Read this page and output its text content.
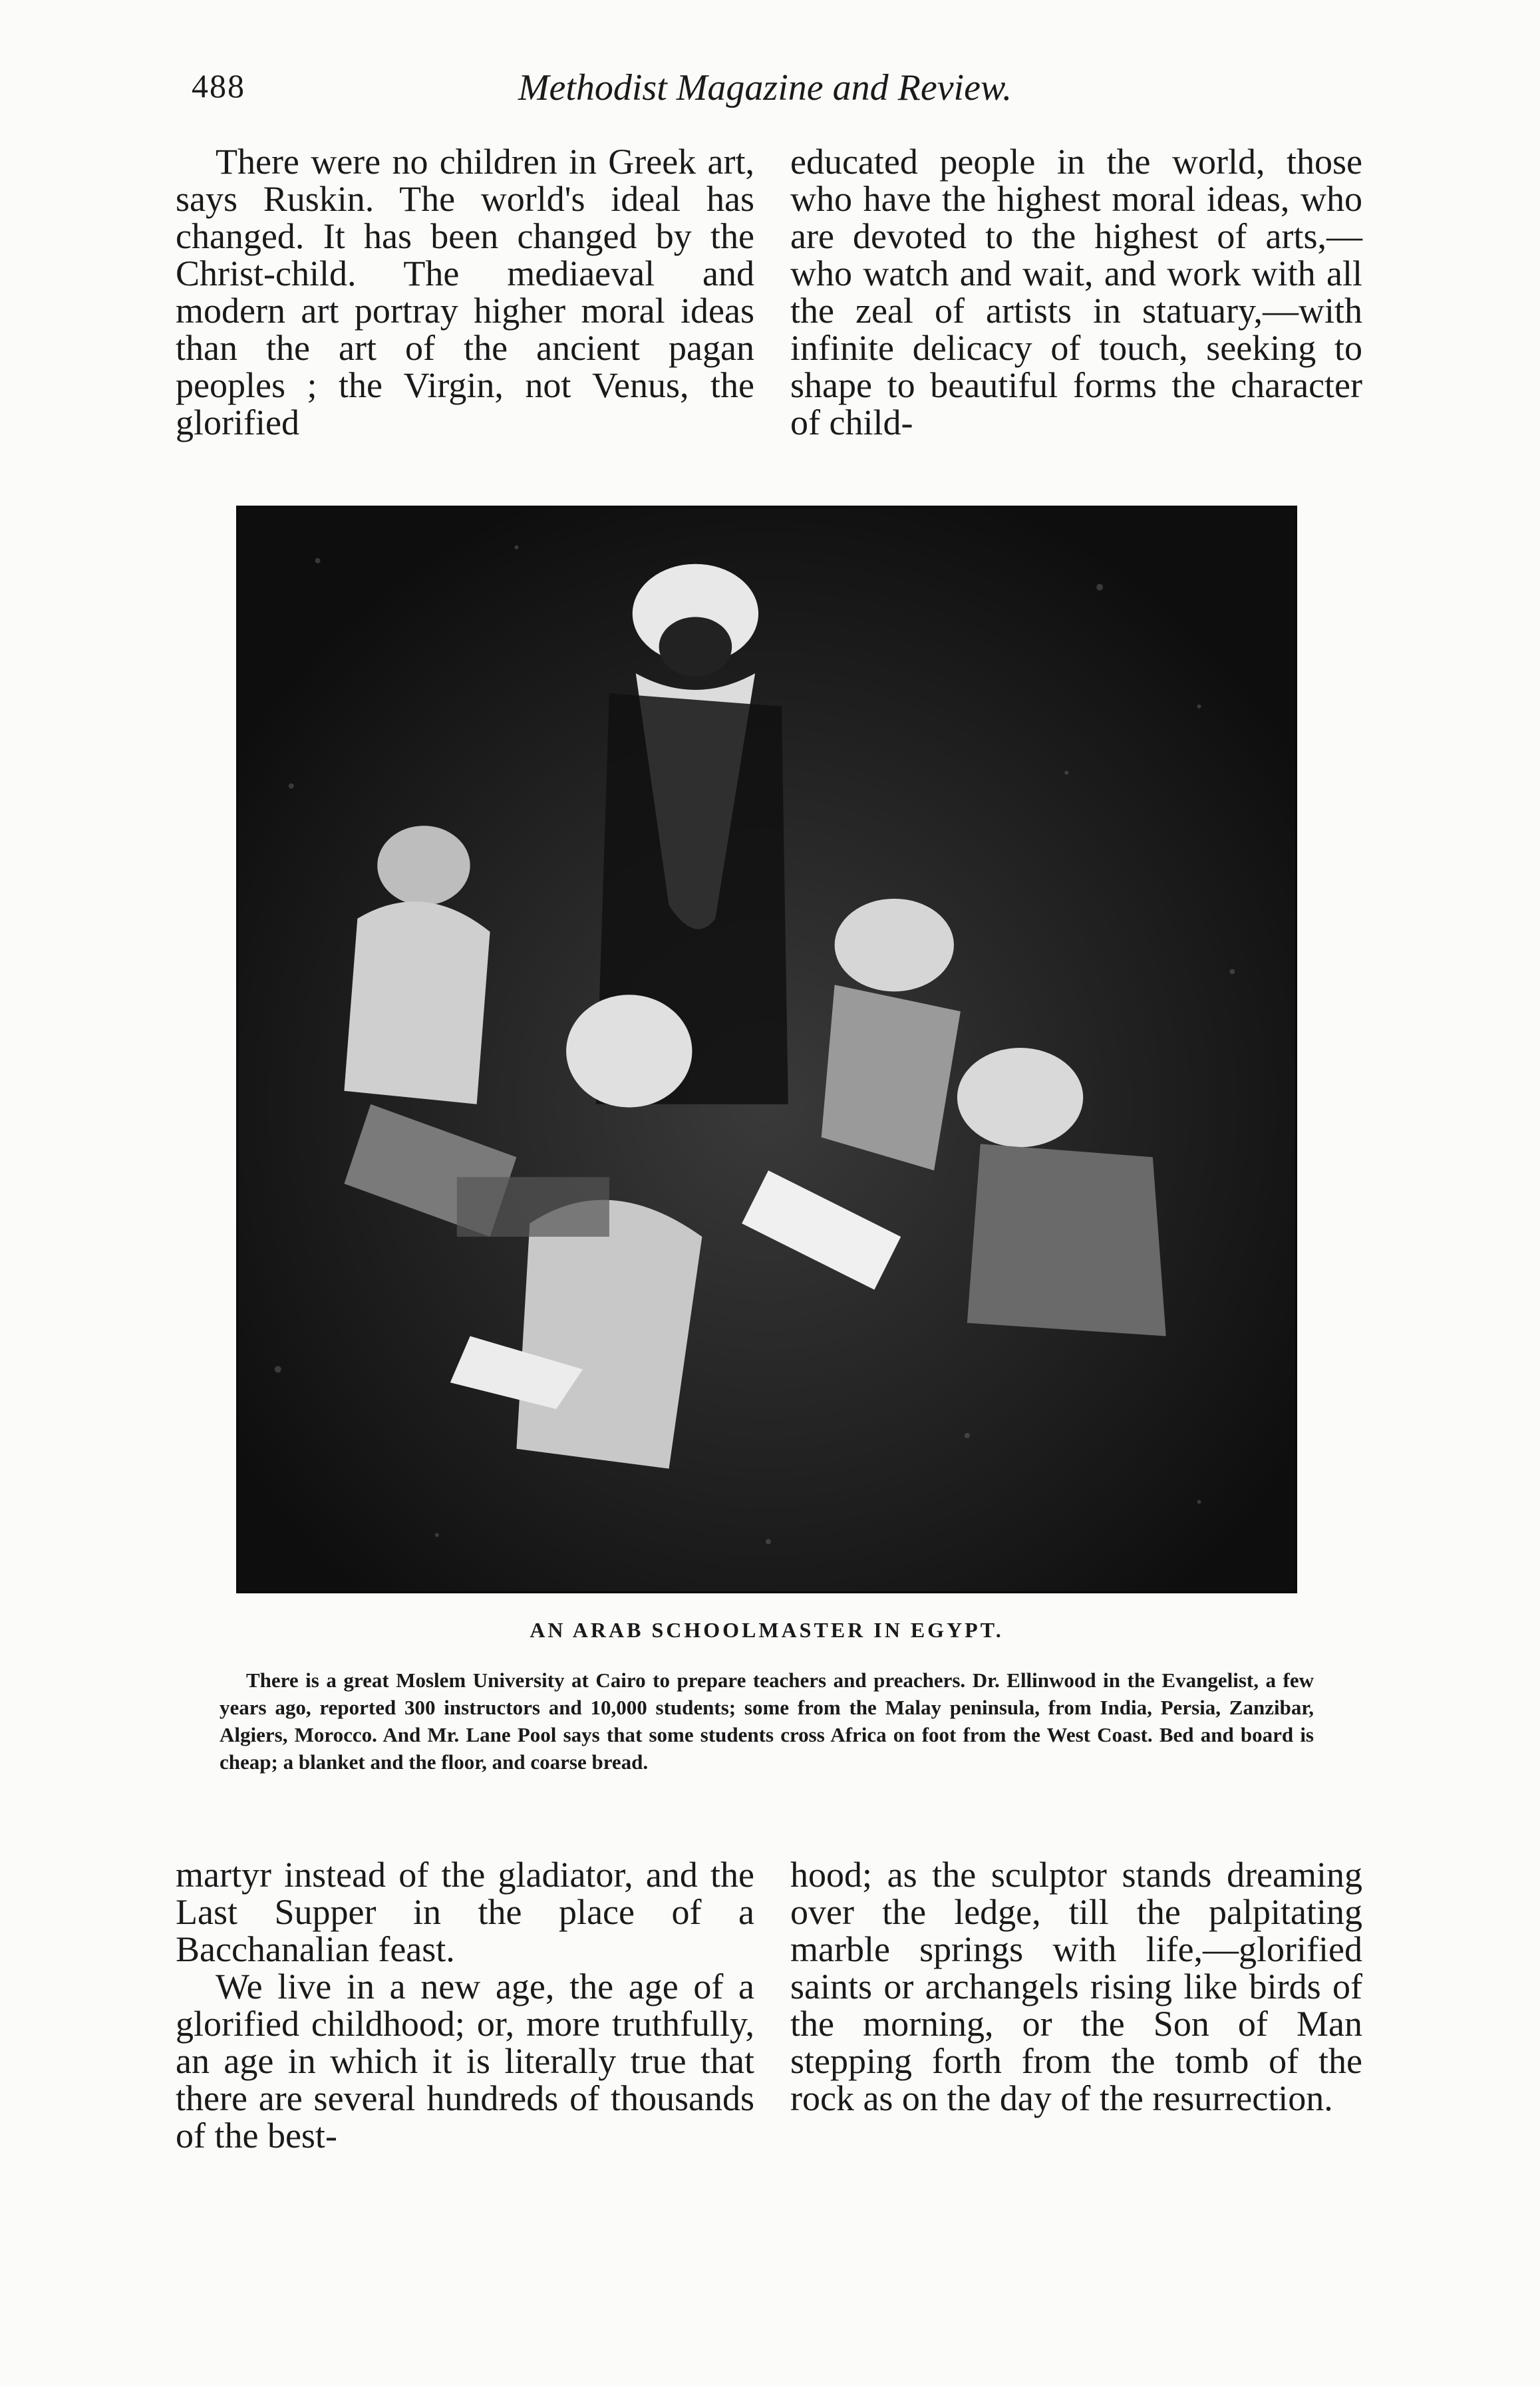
488	Methodist Magazine and Review.

There were no children in Greek art, says Ruskin. The world's ideal has changed. It has been changed by the Christ-child. The mediaeval and modern art portray higher moral ideas than the art of the ancient pagan peoples ; the Virgin, not Venus, the glorified

educated people in the world, those who have the highest moral ideas, who are devoted to the highest of arts,—who watch and wait, and work with all the zeal of artists in statuary,—with infinite delicacy of touch, seeking to shape to beautiful forms the character of child-

AN ARAB SCHOOLMASTER IN EGYPT.

There is a great Moslem University at Cairo to prepare teachers and preachers. Dr. Ellinwood in the Evangelist, a few years ago, reported 300 instructors and 10,000 students; some from the Malay peninsula, from India, Persia, Zanzibar, Algiers, Morocco. And Mr. Lane Pool says that some students cross Africa on foot from the West Coast. Bed and board is cheap; a blanket and the floor, and coarse bread.

martyr instead of the gladiator, and the Last Supper in the place of a Bacchanalian feast.

We live in a new age, the age of a glorified childhood; or, more truthfully, an age in which it is literally true that there are several hundreds of thousands of the best-

hood; as the sculptor stands dreaming over the ledge, till the palpitating marble springs with life,—glorified saints or archangels rising like birds of the morning, or the Son of Man stepping forth from the tomb of the rock as on the day of the resurrection.
